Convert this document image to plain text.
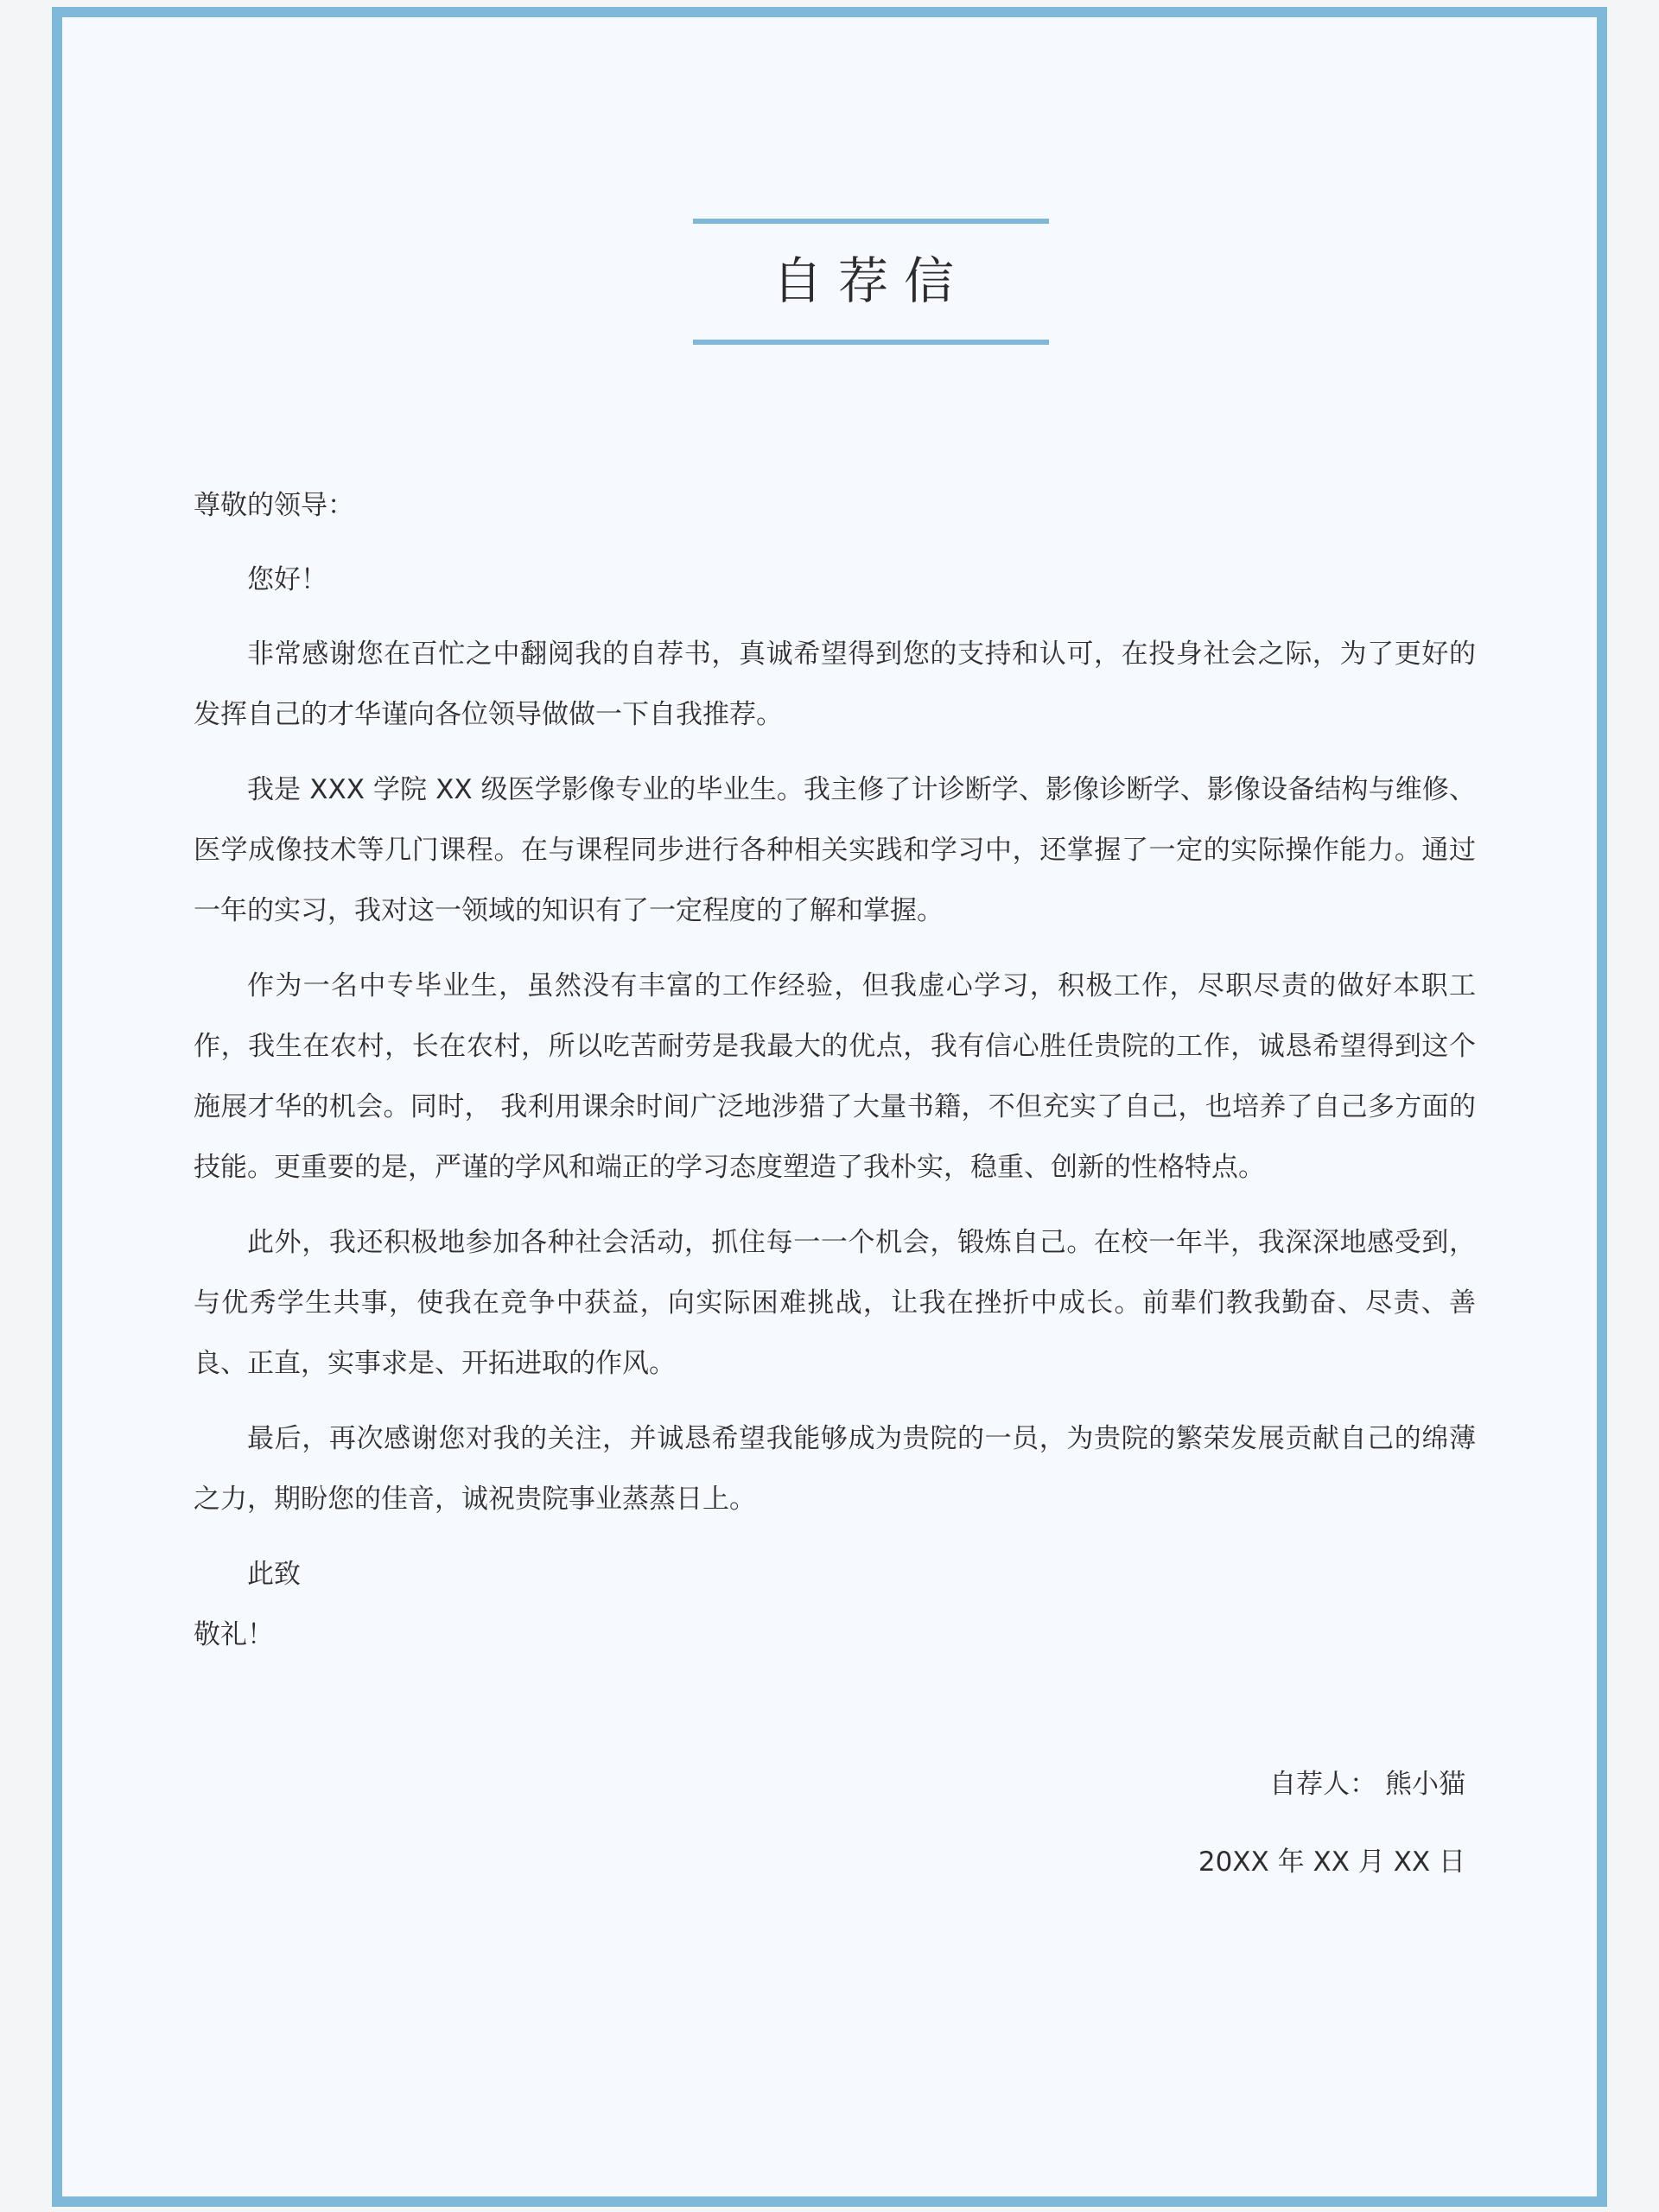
自荐信

尊敬的领导：

您好！

非常感谢您在百忙之中翻阅我的自荐书，真诚希望得到您的支持和认可，在投身社会之际，为了更好的发挥自己的才华谨向各位领导做做一下自我推荐。

我是 XXX 学院 XX 级医学影像专业的毕业生。我主修了计诊断学、影像诊断学、影像设备结构与维修、医学成像技术等几门课程。在与课程同步进行各种相关实践和学习中，还掌握了一定的实际操作能力。通过一年的实习，我对这一领域的知识有了一定程度的了解和掌握。

作为一名中专毕业生，虽然没有丰富的工作经验，但我虚心学习，积极工作，尽职尽责的做好本职工作，我生在农村，长在农村，所以吃苦耐劳是我最大的优点，我有信心胜任贵院的工作，诚恳希望得到这个施展才华的机会。同时， 我利用课余时间广泛地涉猎了大量书籍，不但充实了自己，也培养了自己多方面的技能。更重要的是，严谨的学风和端正的学习态度塑造了我朴实，稳重、创新的性格特点。

此外，我还积极地参加各种社会活动，抓住每一一个机会，锻炼自己。在校一年半，我深深地感受到，与优秀学生共事，使我在竞争中获益，向实际困难挑战，让我在挫折中成长。前辈们教我勤奋、尽责、善良、正直，实事求是、开拓进取的作风。

最后，再次感谢您对我的关注，并诚恳希望我能够成为贵院的一员，为贵院的繁荣发展贡献自己的绵薄之力，期盼您的佳音，诚祝贵院事业蒸蒸日上。

此致

敬礼！

自荐人： 熊小猫
20XX 年 XX 月 XX 日
